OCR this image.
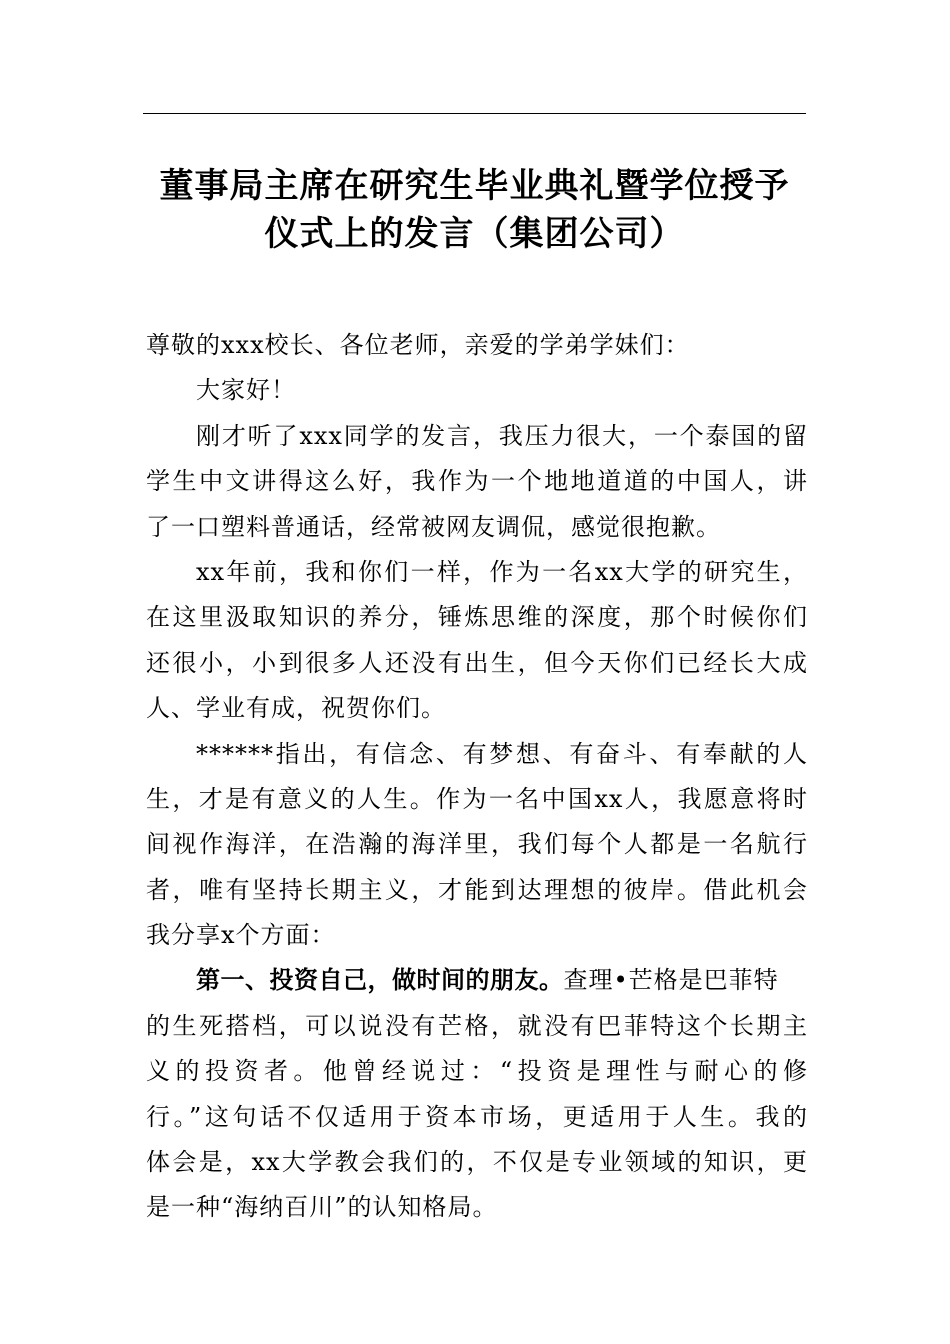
董事局主席在研究生毕业典礼暨学位授予
仪式上的发言（集团公司）
尊敬的xxx校长、各位老师，亲爱的学弟学妹们：
大家好！
刚才听了xxx同学的发言，我压力很大，一个泰国的留
学生中文讲得这么好，我作为一个地地道道的中国人，讲
了一口塑料普通话，经常被网友调侃，感觉很抱歉。
xx年前，我和你们一样，作为一名xx大学的研究生，
在这里汲取知识的养分，锤炼思维的深度，那个时候你们
还很小，小到很多人还没有出生，但今天你们已经长大成
人、学业有成，祝贺你们。
******指出，有信念、有梦想、有奋斗、有奉献的人
生，才是有意义的人生。作为一名中国xx人，我愿意将时
间视作海洋，在浩瀚的海洋里，我们每个人都是一名航行
者，唯有坚持长期主义，才能到达理想的彼岸。借此机会
我分享x个方面：
第一、投资自己，做时间的朋友。查理•芒格是巴菲特
的生死搭档，可以说没有芒格，就没有巴菲特这个长期主
义的投资者。他曾经说过：“投资是理性与耐心的修
行。”这句话不仅适用于资本市场，更适用于人生。我的
体会是，xx大学教会我们的，不仅是专业领域的知识，更
是一种“海纳百川”的认知格局。
